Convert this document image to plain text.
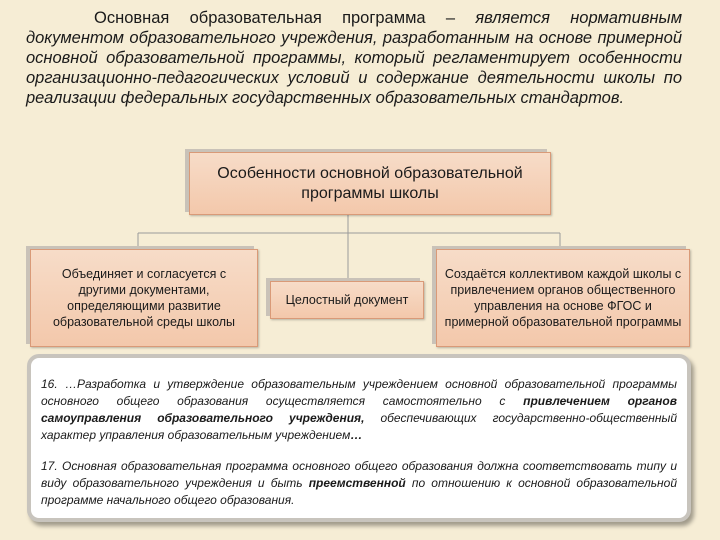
Основная образовательная программа – является нормативным документом образовательного учреждения, разработанным на основе примерной основной образовательной программы, который регламентирует особенности организационно-педагогических условий и содержание деятельности школы по реализации федеральных государственных образовательных стандартов.
Особенности основной образовательной программы школы
Объединяет и согласуется с другими документами, определяющими развитие образовательной среды школы
Целостный документ
Создаётся коллективом каждой школы с привлечением органов общественного управления на основе ФГОС и примерной образовательной программы

16. …Разработка и утверждение образовательным учреждением основной образовательной программы основного общего образования осуществляется самостоятельно с привлечением органов самоуправления образовательного учреждения, обеспечивающих государственно-общественный характер управления образовательным учреждением…

17. Основная образовательная программа основного общего образования должна соответствовать типу и виду образовательного учреждения и быть преемственной по отношению к основной образовательной программе начального общего образования.
